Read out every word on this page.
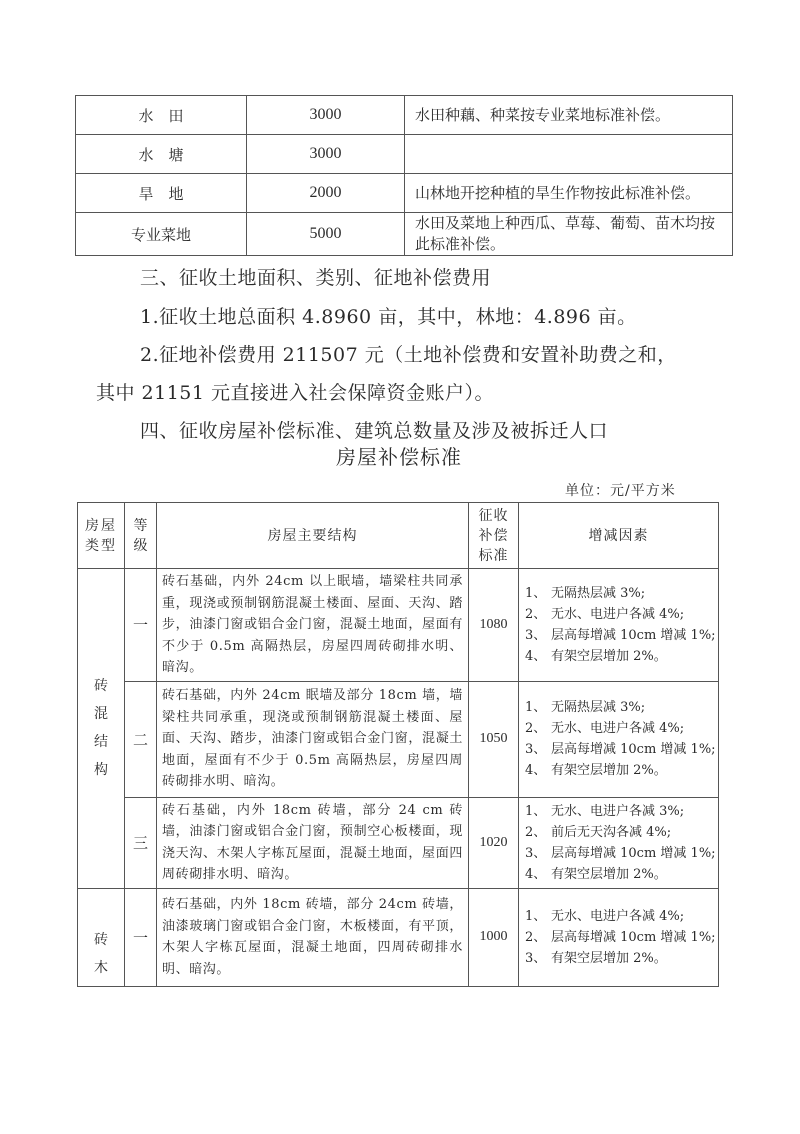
水　田	3000	水田种藕、种菜按专业菜地标准补偿。
水　塘	3000	
旱　地	2000	山林地开挖种植的旱生作物按此标准补偿。
专业菜地	5000	水田及菜地上种西瓜、草莓、葡萄、苗木均按此标准补偿。
三、征收土地面积、类别、征地补偿费用
1.征收土地总面积 4.8960 亩，其中，林地：4.896 亩。
2.征地补偿费用 211507 元（土地补偿费和安置补助费之和，
其中 21151 元直接进入社会保障资金账户）。
四、征收房屋补偿标准、建筑总数量及涉及被拆迁人口
房屋补偿标准
单位：元/平方米
房屋类型	等级	房屋主要结构	征收补偿标准	增减因素

砖混结构	一	砖石基础，内外 24cm 以上眠墙，墙梁柱共同承重，现浇或预制钢筋混凝土楼面、屋面、天沟、踏步，油漆门窗或铝合金门窗，混凝土地面，屋面有不少于 0.5m 高隔热层，房屋四周砖砌排水明、暗沟。	1080	1、 无隔热层减 3%;
2、 无水、电进户各减 4%;
3、 层高每增减 10cm 增减 1%;
4、 有架空层增加 2%。

	二	砖石基础，内外 24cm 眠墙及部分 18cm 墙，墙梁柱共同承重，现浇或预制钢筋混凝土楼面、屋面、天沟、踏步，油漆门窗或铝合金门窗，混凝土地面，屋面有不少于 0.5m 高隔热层，房屋四周砖砌排水明、暗沟。	1050	1、 无隔热层减 3%;
2、 无水、电进户各减 4%;
3、 层高每增减 10cm 增减 1%;
4、 有架空层增加 2%。

	三	砖石基础，内外 18cm 砖墙，部分 24 cm 砖墙，油漆门窗或铝合金门窗，预制空心板楼面，现浇天沟、木架人字栋瓦屋面，混凝土地面，屋面四周砖砌排水明、暗沟。	1020	1、 无水、电进户各减 3%;
2、 前后无天沟各减 4%;
3、 层高每增减 10cm 增减 1%;
4、 有架空层增加 2%。

砖木	一	砖石基础，内外 18cm 砖墙，部分 24cm 砖墙，油漆玻璃门窗或铝合金门窗，木板楼面，有平顶，木架人字栋瓦屋面，混凝土地面，四周砖砌排水明、暗沟。	1000	1、 无水、电进户各减 4%;
2、 层高每增减 10cm 增减 1%;
3、 有架空层增加 2%。
